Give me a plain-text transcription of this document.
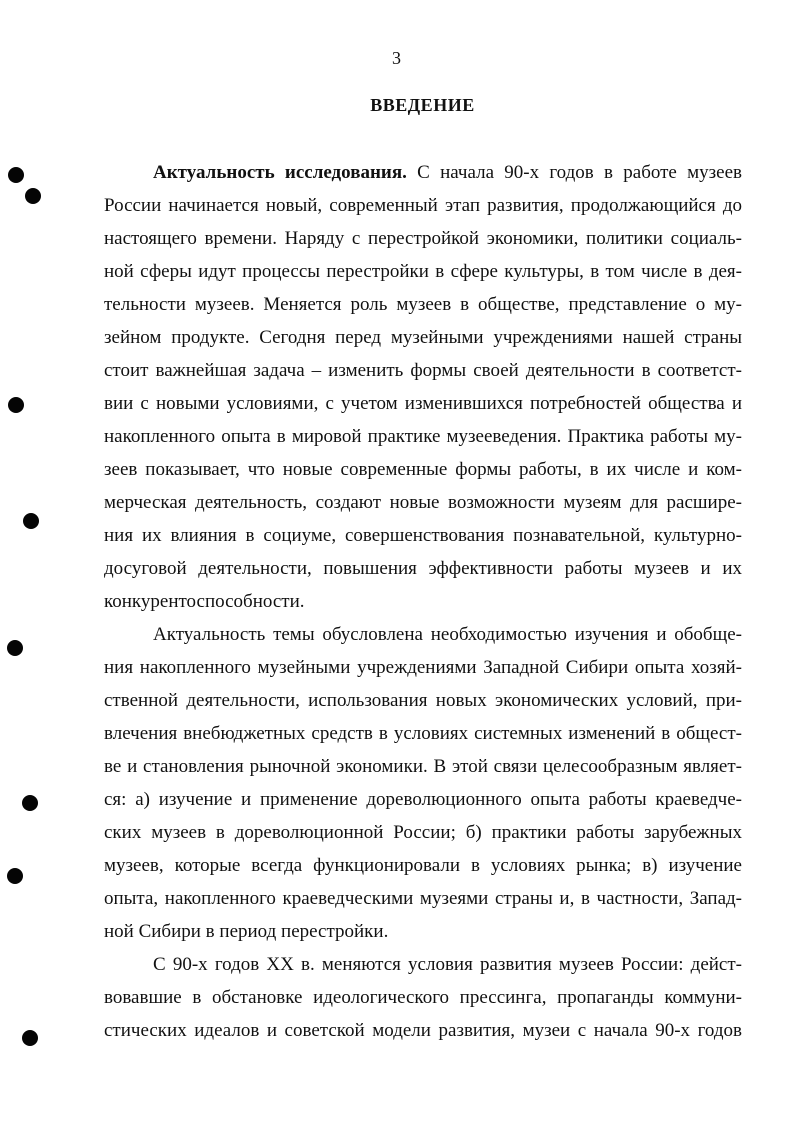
3
ВВЕДЕНИЕ
Актуальность исследования. С начала 90-х годов в работе музеев
России начинается новый, современный этап развития, продолжающийся до
настоящего времени. Наряду с перестройкой экономики, политики социаль-
ной сферы идут процессы перестройки в сфере культуры, в том числе в дея-
тельности музеев. Меняется роль музеев в обществе, представление о му-
зейном продукте. Сегодня перед музейными учреждениями нашей страны
стоит важнейшая задача – изменить формы своей деятельности в соответст-
вии с новыми условиями, с учетом изменившихся потребностей общества и
накопленного опыта в мировой практике музееведения. Практика работы му-
зеев показывает, что новые современные формы работы, в их числе и ком-
мерческая деятельность, создают новые возможности музеям для расшире-
ния их влияния в социуме, совершенствования познавательной, культурно-
досуговой деятельности, повышения эффективности работы музеев и их
конкурентоспособности.
Актуальность темы обусловлена необходимостью изучения и обобще-
ния накопленного музейными учреждениями Западной Сибири опыта хозяй-
ственной деятельности, использования новых экономических условий, при-
влечения внебюджетных средств в условиях системных изменений в общест-
ве и становления рыночной экономики. В этой связи целесообразным являет-
ся: а) изучение и применение дореволюционного опыта работы краеведче-
ских музеев в дореволюционной России; б) практики работы зарубежных
музеев, которые всегда функционировали в условиях рынка; в) изучение
опыта, накопленного краеведческими музеями страны и, в частности, Запад-
ной Сибири в период перестройки.
С 90-х годов ХХ в. меняются условия развития музеев России: дейст-
вовавшие в обстановке идеологического прессинга, пропаганды коммуни-
стических идеалов и советской модели развития, музеи с начала 90-х годов
